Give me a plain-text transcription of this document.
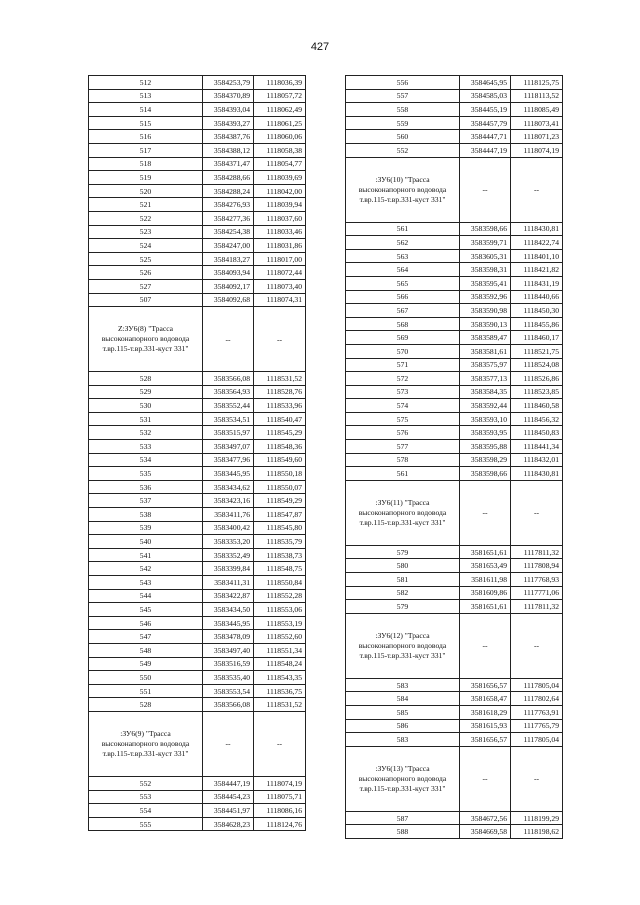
427
512	3584253,79	1118036,39
513	3584370,89	1118057,72
514	3584393,04	1118062,49
515	3584393,27	1118061,25
516	3584387,76	1118060,06
517	3584388,12	1118058,38
518	3584371,47	1118054,77
519	3584288,66	1118039,69
520	3584288,24	1118042,00
521	3584276,93	1118039,94
522	3584277,36	1118037,60
523	3584254,38	1118033,46
524	3584247,00	1118031,86
525	3584183,27	1118017,00
526	3584093,94	1118072,44
527	3584092,17	1118073,40
507	3584092,68	1118074,31
Ζ:ЗУ6(8) "Трасса высоконапорного водовода т.вр.115-т.вр.331-куст 331"	--	--
528	3583566,08	1118531,52
529	3583564,93	1118528,76
530	3583552,44	1118533,96
531	3583534,51	1118540,47
532	3583515,97	1118545,29
533	3583497,07	1118548,36
534	3583477,96	1118549,60
535	3583445,95	1118550,18
536	3583434,62	1118550,07
537	3583423,16	1118549,29
538	3583411,76	1118547,87
539	3583400,42	1118545,80
540	3583353,20	1118535,79
541	3583352,49	1118538,73
542	3583399,84	1118548,75
543	3583411,31	1118550,84
544	3583422,87	1118552,28
545	3583434,50	1118553,06
546	3583445,95	1118553,19
547	3583478,09	1118552,60
548	3583497,40	1118551,34
549	3583516,59	1118548,24
550	3583535,40	1118543,35
551	3583553,54	1118536,75
528	3583566,08	1118531,52
:ЗУ6(9) "Трасса высоконапорного водовода т.вр.115-т.вр.331-куст 331"	--	--
552	3584447,19	1118074,19
553	3584454,23	1118075,71
554	3584451,97	1118086,16
555	3584628,23	1118124,76
556	3584645,95	1118125,75
557	3584585,03	1118113,52
558	3584455,19	1118085,49
559	3584457,79	1118073,41
560	3584447,71	1118071,23
552	3584447,19	1118074,19
:ЗУ6(10) "Трасса высоконапорного водовода т.вр.115-т.вр.331-куст 331"	--	--
561	3583598,66	1118430,81
562	3583599,71	1118422,74
563	3583605,31	1118401,10
564	3583598,31	1118421,82
565	3583595,41	1118431,19
566	3583592,96	1118440,66
567	3583590,98	1118450,30
568	3583590,13	1118455,86
569	3583589,47	1118460,17
570	3583581,61	1118521,75
571	3583575,97	1118524,08
572	3583577,13	1118526,86
573	3583584,35	1118523,85
574	3583592,44	1118460,58
575	3583593,10	1118456,32
576	3583593,95	1118450,83
577	3583595,88	1118441,34
578	3583598,29	1118432,01
561	3583598,66	1118430,81
:ЗУ6(11) "Трасса высоконапорного водовода т.вр.115-т.вр.331-куст 331"	--	--
579	3581651,61	1117811,32
580	3581653,49	1117808,94
581	3581611,98	1117768,93
582	3581609,86	1117771,06
579	3581651,61	1117811,32
:ЗУ6(12) "Трасса высоконапорного водовода т.вр.115-т.вр.331-куст 331"	--	--
583	3581656,57	1117805,04
584	3581658,47	1117802,64
585	3581618,29	1117763,91
586	3581615,93	1117765,79
583	3581656,57	1117805,04
:ЗУ6(13) "Трасса высоконапорного водовода т.вр.115-т.вр.331-куст 331"	--	--
587	3584672,56	1118199,29
588	3584669,58	1118198,62
